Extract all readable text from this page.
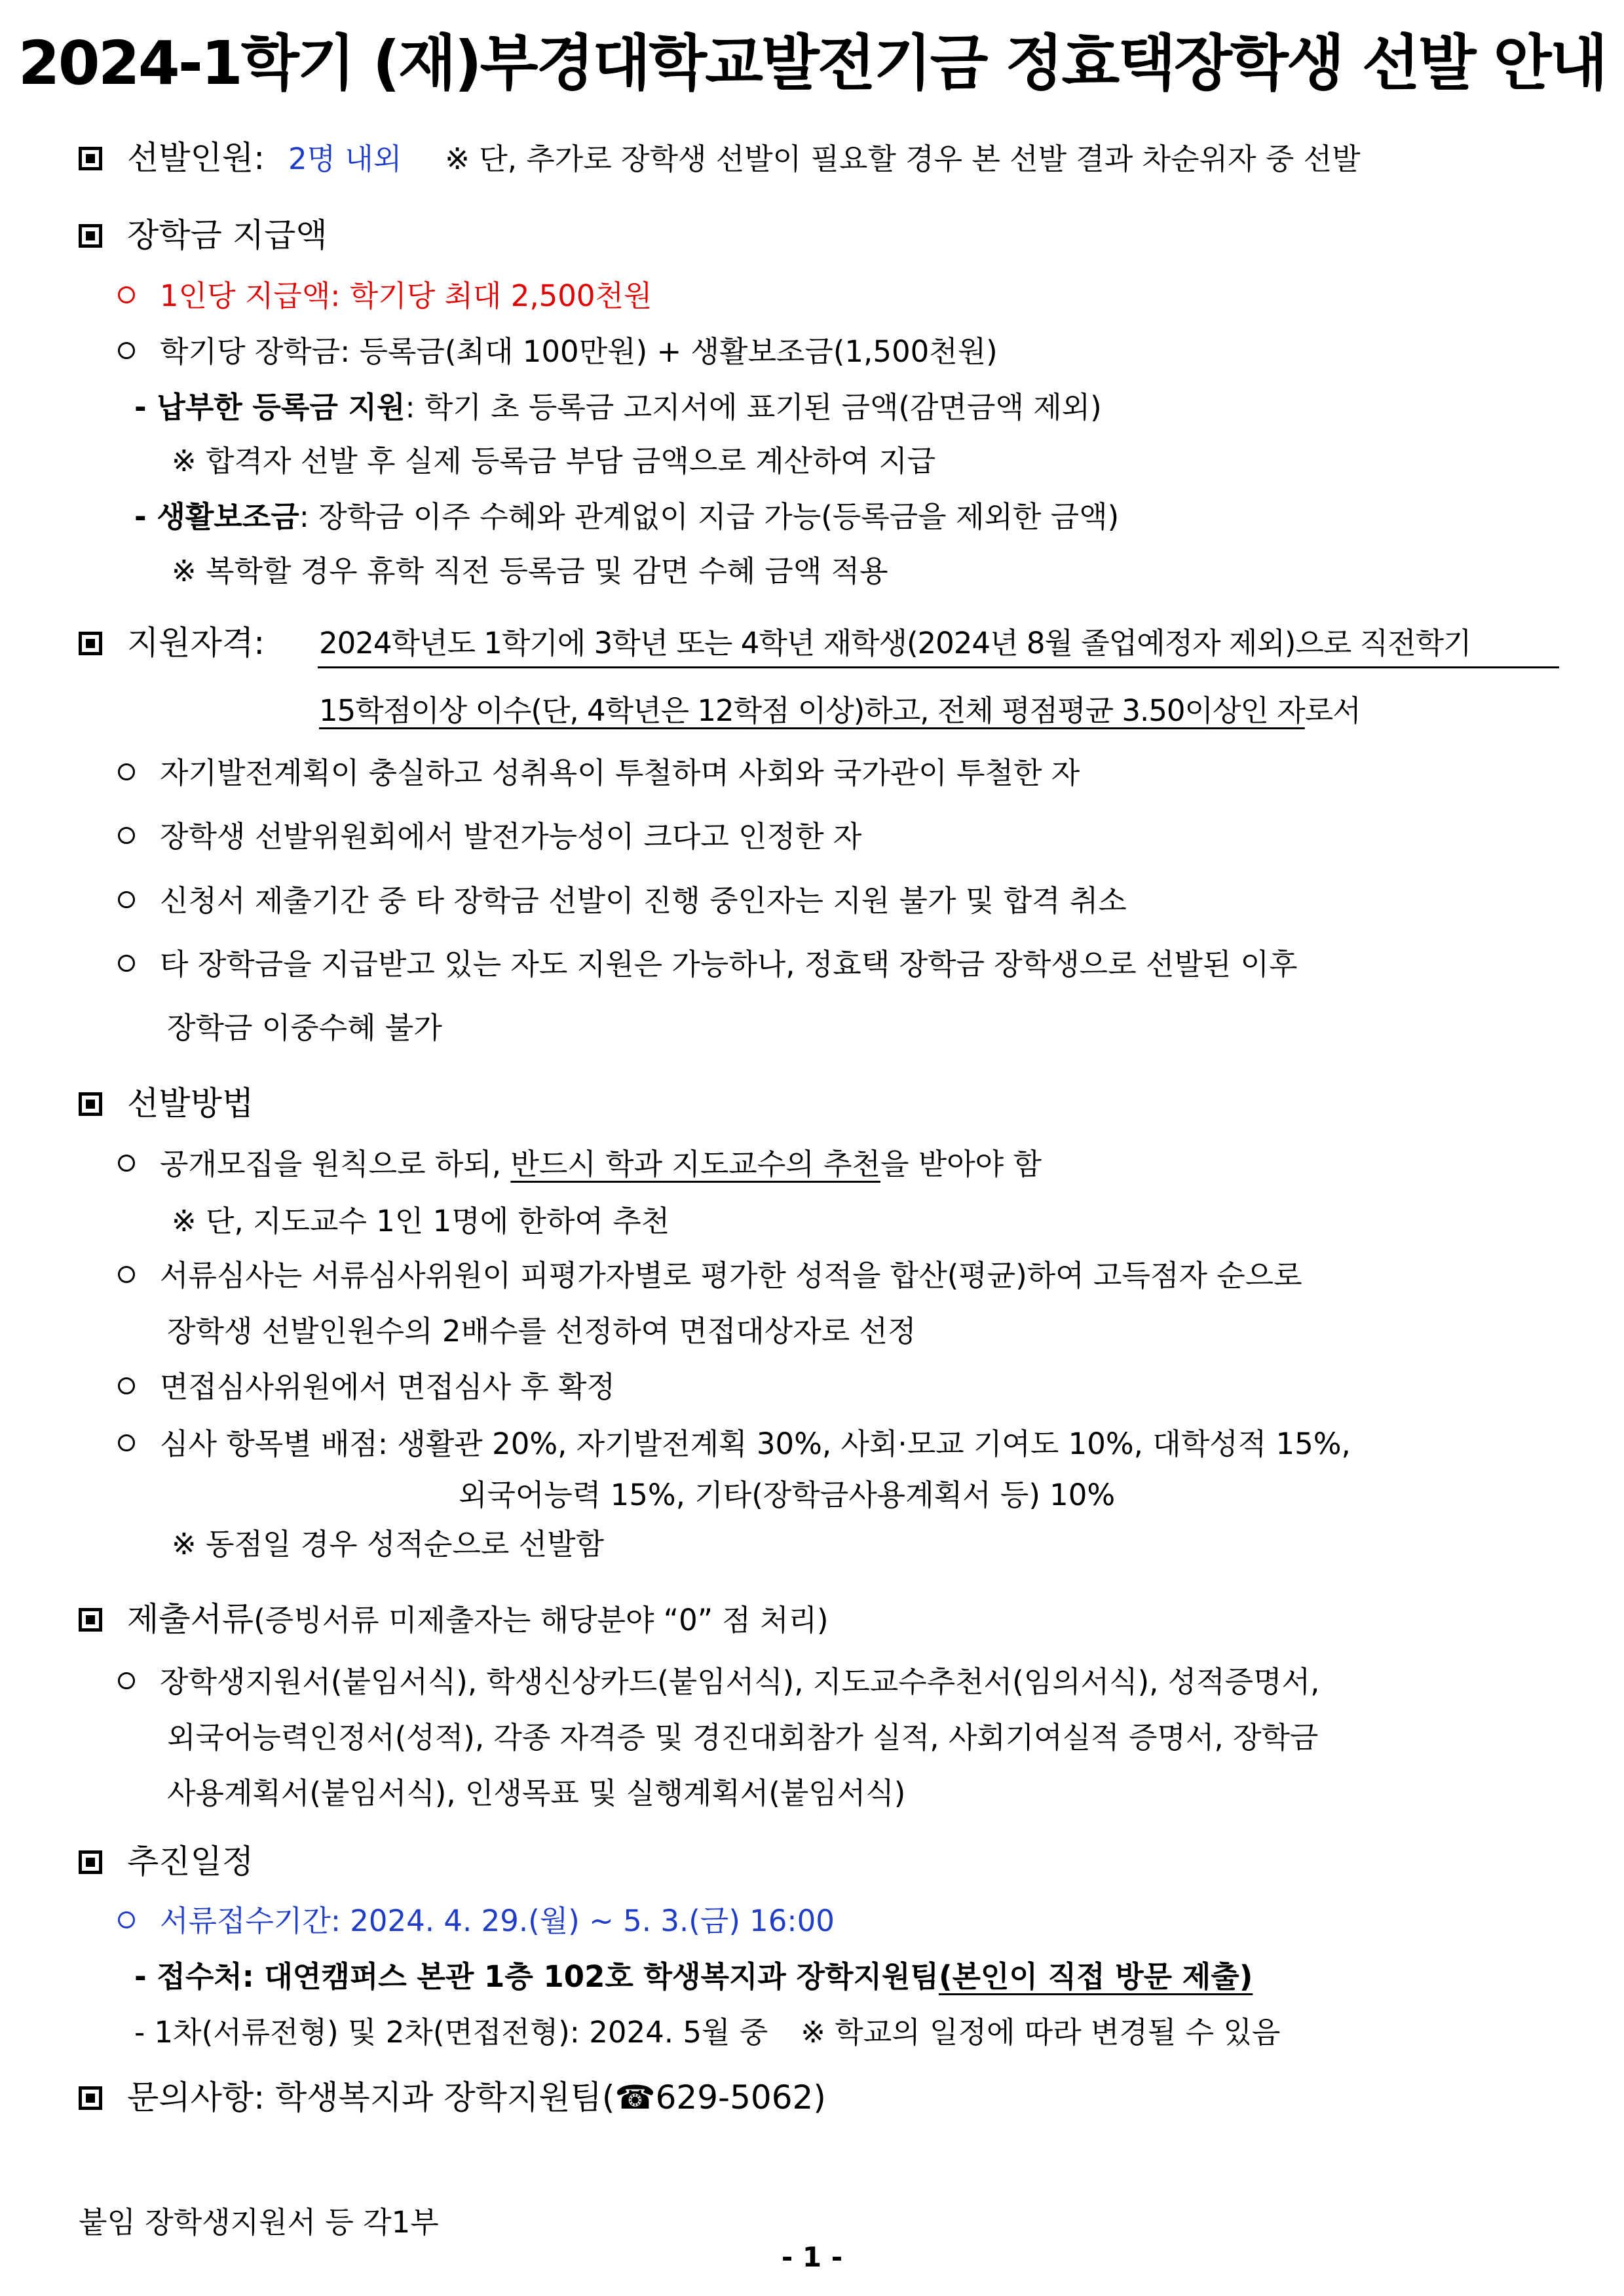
2024-1학기 (재)부경대학교발전기금 정효택장학생 선발 안내
선발인원: 2명 내외 ※ 단, 추가로 장학생 선발이 필요할 경우 본 선발 결과 차순위자 중 선발
장학금 지급액
1인당 지급액: 학기당 최대 2,500천원
학기당 장학금: 등록금(최대 100만원) + 생활보조금(1,500천원)
- 납부한 등록금 지원: 학기 초 등록금 고지서에 표기된 금액(감면금액 제외)
※ 합격자 선발 후 실제 등록금 부담 금액으로 계산하여 지급
- 생활보조금: 장학금 이주 수혜와 관계없이 지급 가능(등록금을 제외한 금액)
※ 복학할 경우 휴학 직전 등록금 및 감면 수혜 금액 적용
지원자격: 2024학년도 1학기에 3학년 또는 4학년 재학생(2024년 8월 졸업예정자 제외)으로 직전학기
15학점이상 이수(단, 4학년은 12학점 이상)하고, 전체 평점평균 3.50이상인 자로서
자기발전계획이 충실하고 성취욕이 투철하며 사회와 국가관이 투철한 자
장학생 선발위원회에서 발전가능성이 크다고 인정한 자
신청서 제출기간 중 타 장학금 선발이 진행 중인자는 지원 불가 및 합격 취소
타 장학금을 지급받고 있는 자도 지원은 가능하나, 정효택 장학금 장학생으로 선발된 이후
장학금 이중수혜 불가
선발방법
공개모집을 원칙으로 하되, 반드시 학과 지도교수의 추천을 받아야 함
※ 단, 지도교수 1인 1명에 한하여 추천
서류심사는 서류심사위원이 피평가자별로 평가한 성적을 합산(평균)하여 고득점자 순으로
장학생 선발인원수의 2배수를 선정하여 면접대상자로 선정
면접심사위원에서 면접심사 후 확정
심사 항목별 배점: 생활관 20%, 자기발전계획 30%, 사회·모교 기여도 10%, 대학성적 15%,
외국어능력 15%, 기타(장학금사용계획서 등) 10%
※ 동점일 경우 성적순으로 선발함
제출서류(증빙서류 미제출자는 해당분야 “0” 점 처리)
장학생지원서(붙임서식), 학생신상카드(붙임서식), 지도교수추천서(임의서식), 성적증명서,
외국어능력인정서(성적), 각종 자격증 및 경진대회참가 실적, 사회기여실적 증명서, 장학금
사용계획서(붙임서식), 인생목표 및 실행계획서(붙임서식)
추진일정
서류접수기간: 2024. 4. 29.(월) ~ 5. 3.(금) 16:00
- 접수처: 대연캠퍼스 본관 1층 102호 학생복지과 장학지원팀(본인이 직접 방문 제출)
- 1차(서류전형) 및 2차(면접전형): 2024. 5월 중 ※ 학교의 일정에 따라 변경될 수 있음
문의사항: 학생복지과 장학지원팀(☎629-5062)
붙임 장학생지원서 등 각1부
- 1 -
